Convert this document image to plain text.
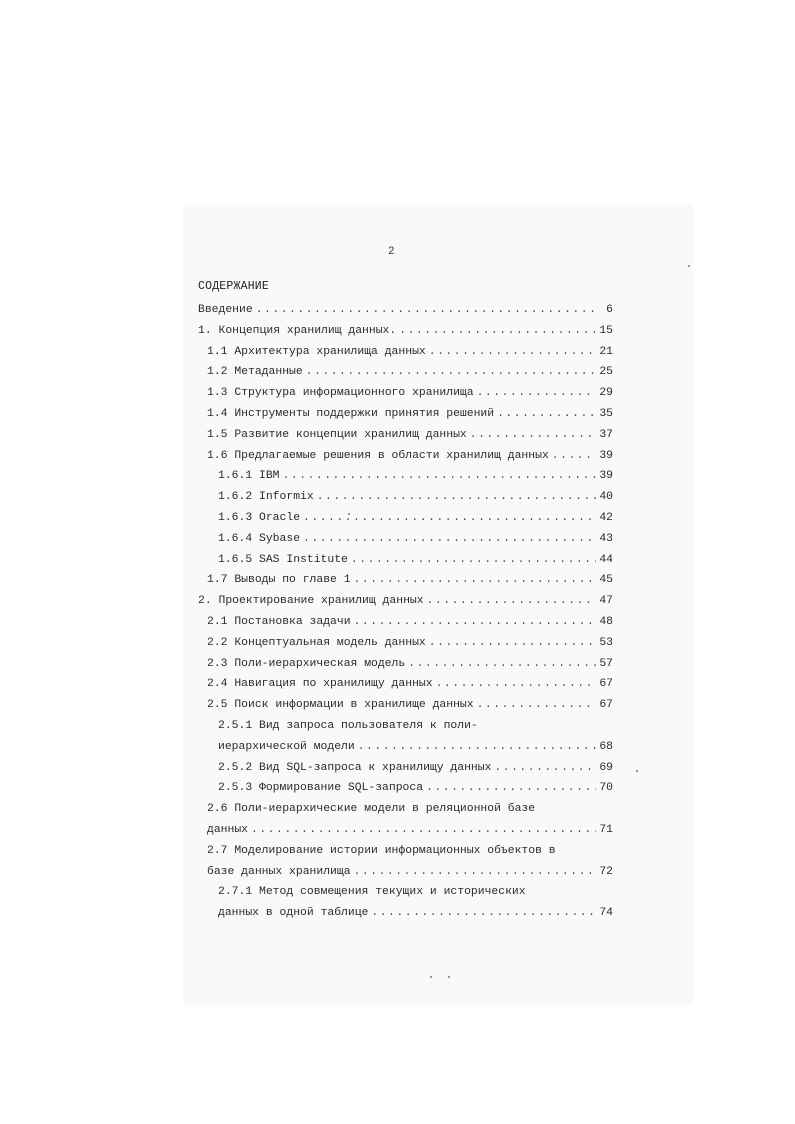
2
СОДЕРЖАНИЕ
Введение .....	6
1. Концепция хранилищ данных. .....	15
1.1 Архитектура хранилища данных .....	21
1.2 Метаданные .....	25
1.3 Структура информационного хранилища .....	29
1.4 Инструменты поддержки принятия решений .....	35
1.5 Развитие концепции хранилищ данных .....	37
1.6 Предлагаемые решения в области хранилищ данных .....	39
1.6.1 IBM .....	39
1.6.2 Informix .....	40
1.6.3 Oracle .....	42
1.6.4 Sybase .....	43
1.6.5 SAS Institute .....	44
1.7 Выводы по главе 1 .....	45
2. Проектирование хранилищ данных .....	47
2.1 Постановка задачи .....	48
2.2 Концептуальная модель данных .....	53
2.3 Поли-иерархическая модель .....	57
2.4 Навигация по хранилищу данных .....	67
2.5 Поиск информации в хранилище данных .....	67
2.5.1 Вид запроса пользователя к поли-
иерархической модели .....	68
2.5.2 Вид SQL-запроса к хранилищу данных .....	69
2.5.3 Формирование SQL-запроса .....	70
2.6 Поли-иерархические модели в реляционной базе
данных .....	71
2.7 Моделирование истории информационных объектов в
базе данных хранилища .....	72
2.7.1 Метод совмещения текущих и исторических
данных в одной таблице .....	74
